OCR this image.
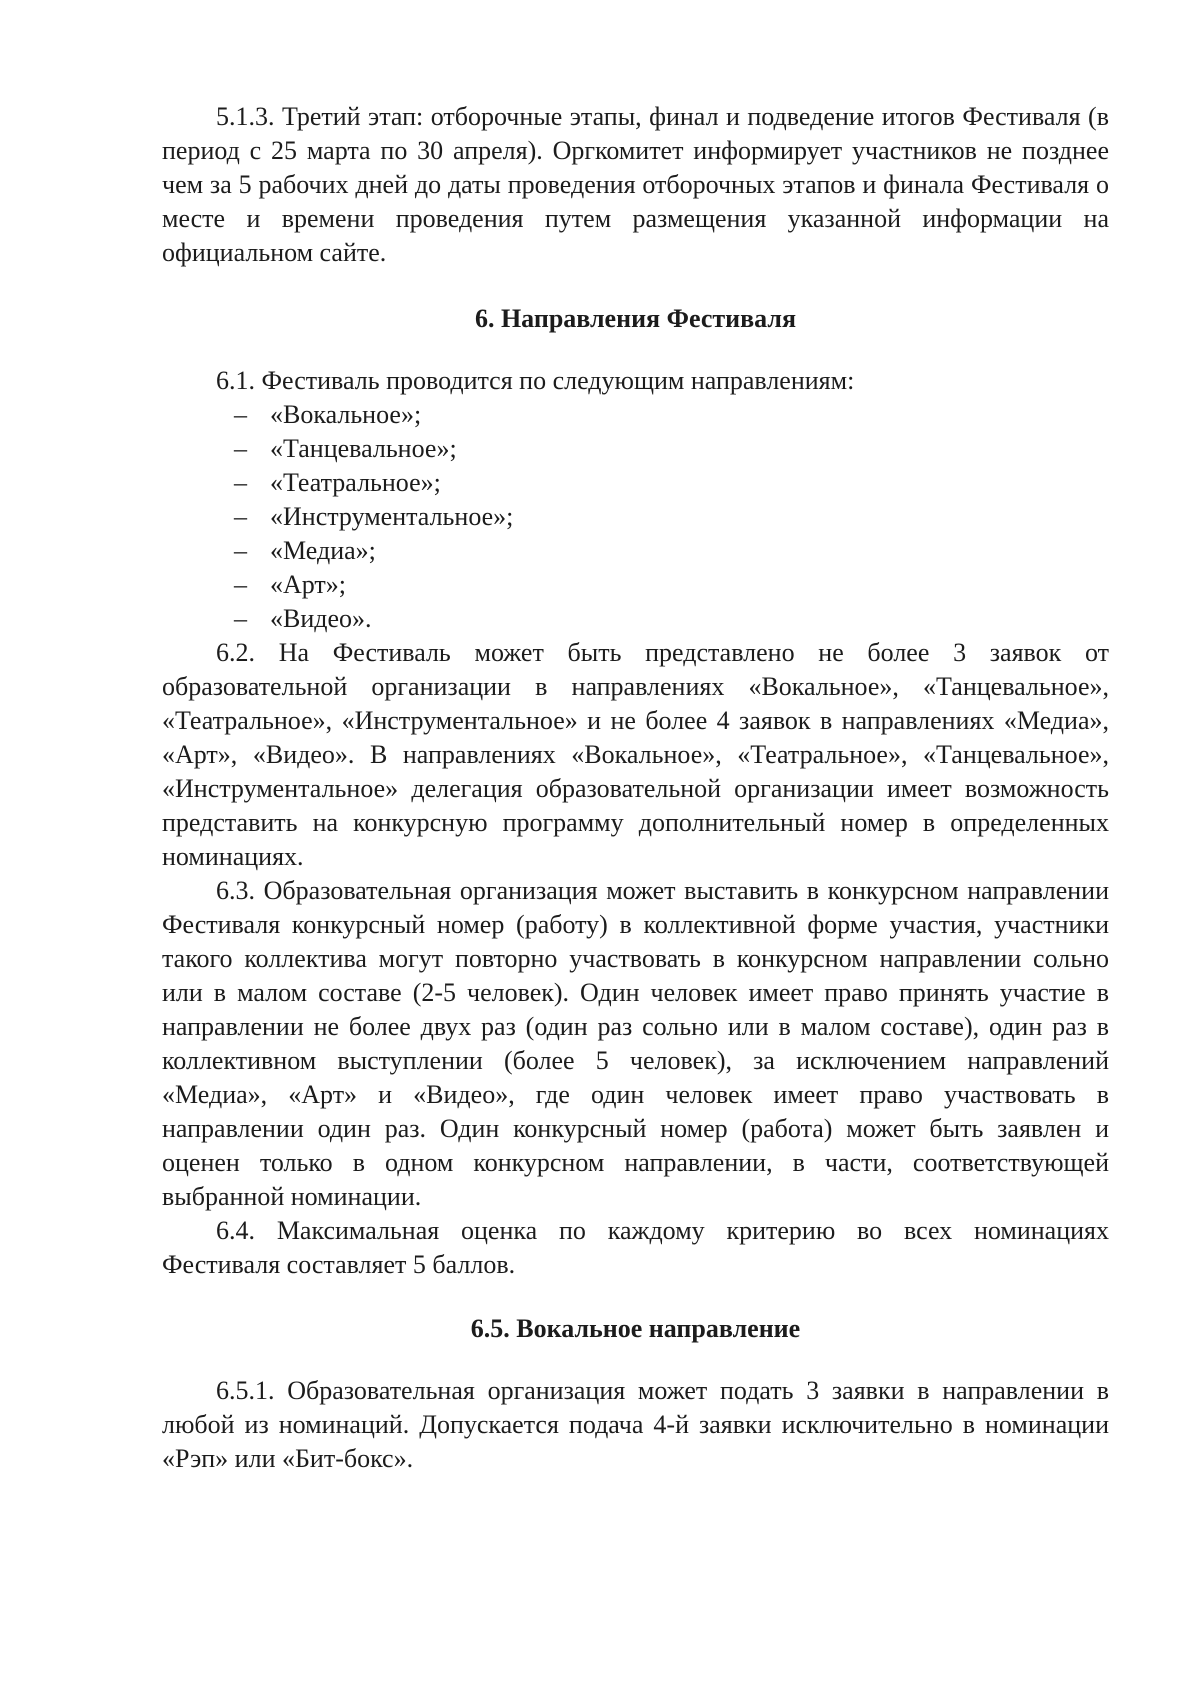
5.1.3. Третий этап: отборочные этапы, финал и подведение итогов Фестиваля (в период с 25 марта по 30 апреля). Оргкомитет информирует участников не позднее чем за 5 рабочих дней до даты проведения отборочных этапов и финала Фестиваля о месте и времени проведения путем размещения указанной информации на официальном сайте.

6. Направления Фестиваля

6.1. Фестиваль проводится по следующим направлениям:

– «Вокальное»;
– «Танцевальное»;
– «Театральное»;
– «Инструментальное»;
– «Медиа»;
– «Арт»;
– «Видео».

6.2. На Фестиваль может быть представлено не более 3 заявок от образовательной организации в направлениях «Вокальное», «Танцевальное», «Театральное», «Инструментальное» и не более 4 заявок в направлениях «Медиа», «Арт», «Видео». В направлениях «Вокальное», «Театральное», «Танцевальное», «Инструментальное» делегация образовательной организации имеет возможность представить на конкурсную программу дополнительный номер в определенных номинациях.

6.3. Образовательная организация может выставить в конкурсном направлении Фестиваля конкурсный номер (работу) в коллективной форме участия, участники такого коллектива могут повторно участвовать в конкурсном направлении сольно или в малом составе (2-5 человек). Один человек имеет право принять участие в направлении не более двух раз (один раз сольно или в малом составе), один раз в коллективном выступлении (более 5 человек), за исключением направлений «Медиа», «Арт» и «Видео», где один человек имеет право участвовать в направлении один раз. Один конкурсный номер (работа) может быть заявлен и оценен только в одном конкурсном направлении, в части, соответствующей выбранной номинации.

6.4. Максимальная оценка по каждому критерию во всех номинациях Фестиваля составляет 5 баллов.

6.5. Вокальное направление

6.5.1. Образовательная организация может подать 3 заявки в направлении в любой из номинаций. Допускается подача 4-й заявки исключительно в номинации «Рэп» или «Бит-бокс».
